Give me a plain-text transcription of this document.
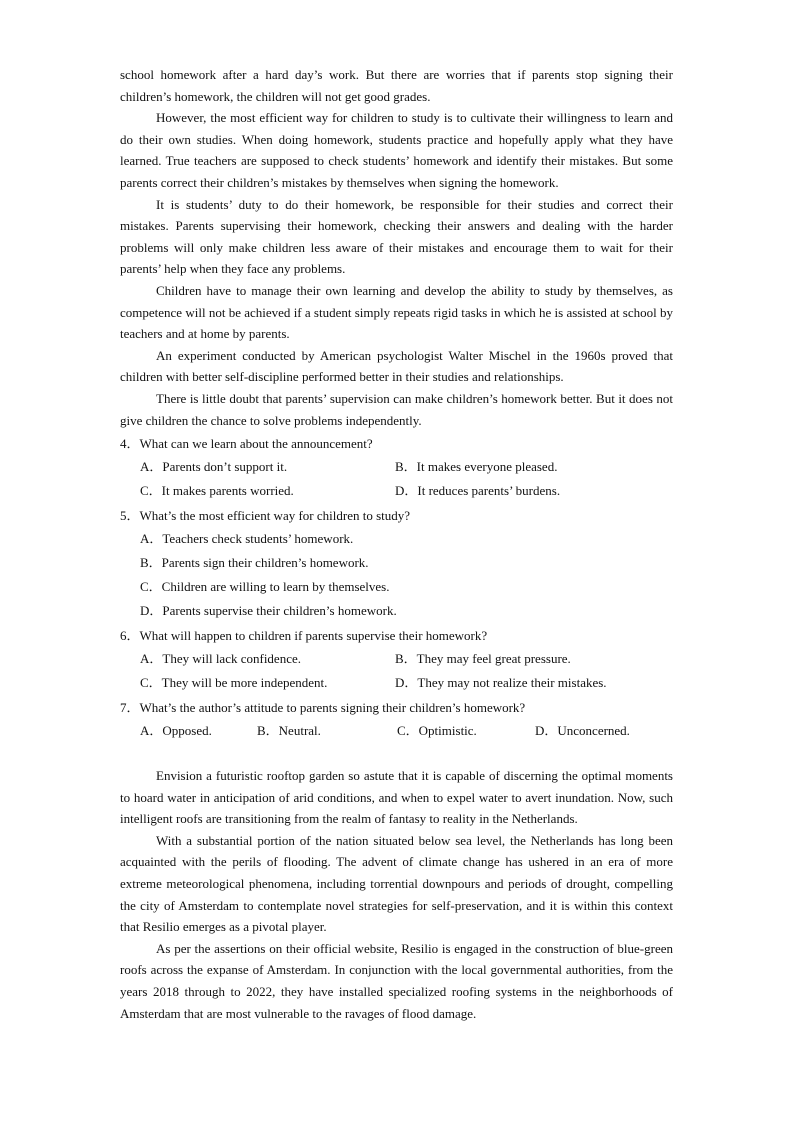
school homework after a hard day’s work. But there are worries that if parents stop signing their children’s homework, the children will not get good grades.

However, the most efficient way for children to study is to cultivate their willingness to learn and do their own studies. When doing homework, students practice and hopefully apply what they have learned. True teachers are supposed to check students’ homework and identify their mistakes. But some parents correct their children’s mistakes by themselves when signing the homework.

It is students’ duty to do their homework, be responsible for their studies and correct their mistakes. Parents supervising their homework, checking their answers and dealing with the harder problems will only make children less aware of their mistakes and encourage them to wait for their parents’ help when they face any problems.

Children have to manage their own learning and develop the ability to study by themselves, as competence will not be achieved if a student simply repeats rigid tasks in which he is assisted at school by teachers and at home by parents.

An experiment conducted by American psychologist Walter Mischel in the 1960s proved that children with better self-discipline performed better in their studies and relationships.

There is little doubt that parents’ supervision can make children’s homework better. But it does not give children the chance to solve problems independently.

4．What can we learn about the announcement?

A．Parents don’t support it.	B．It makes everyone pleased.
C．It makes parents worried.	D．It reduces parents’ burdens.

5．What’s the most efficient way for children to study?

A．Teachers check students’ homework.
B．Parents sign their children’s homework.
C．Children are willing to learn by themselves.
D．Parents supervise their children’s homework.

6．What will happen to children if parents supervise their homework?

A．They will lack confidence.	B．They may feel great pressure.
C．They will be more independent.	D．They may not realize their mistakes.

7．What’s the author’s attitude to parents signing their children’s homework?

A．Opposed.	B．Neutral.	C．Optimistic.	D．Unconcerned.

Envision a futuristic rooftop garden so astute that it is capable of discerning the optimal moments to hoard water in anticipation of arid conditions, and when to expel water to avert inundation. Now, such intelligent roofs are transitioning from the realm of fantasy to reality in the Netherlands.

With a substantial portion of the nation situated below sea level, the Netherlands has long been acquainted with the perils of flooding. The advent of climate change has ushered in an era of more extreme meteorological phenomena, including torrential downpours and periods of drought, compelling the city of Amsterdam to contemplate novel strategies for self-preservation, and it is within this context that Resilio emerges as a pivotal player.

As per the assertions on their official website, Resilio is engaged in the construction of blue-green roofs across the expanse of Amsterdam. In conjunction with the local governmental authorities, from the years 2018 through to 2022, they have installed specialized roofing systems in the neighborhoods of Amsterdam that are most vulnerable to the ravages of flood damage.
